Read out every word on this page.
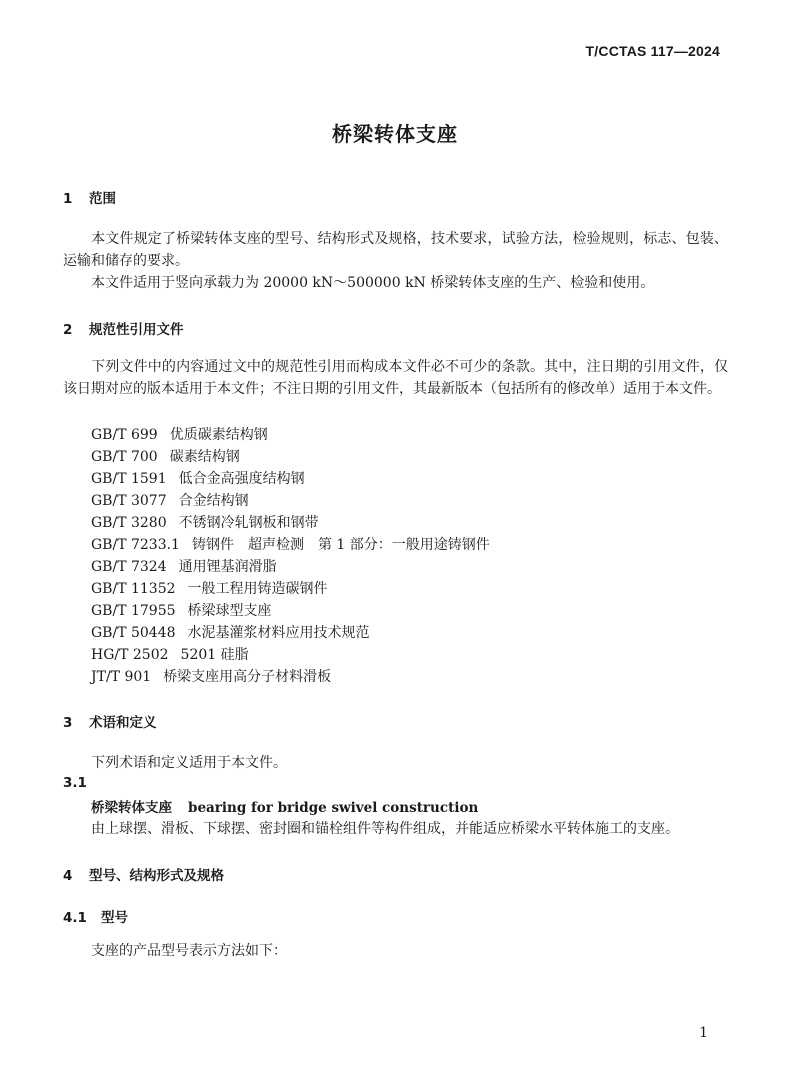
T/CCTAS 117—2024
桥梁转体支座
1 范围
本文件规定了桥梁转体支座的型号、结构形式及规格，技术要求，试验方法，检验规则，标志、包装、运输和储存的要求。
本文件适用于竖向承载力为 20000 kN～500000 kN 桥梁转体支座的生产、检验和使用。
2 规范性引用文件
下列文件中的内容通过文中的规范性引用而构成本文件必不可少的条款。其中，注日期的引用文件，仅该日期对应的版本适用于本文件；不注日期的引用文件，其最新版本（包括所有的修改单）适用于本文件。
GB/T 699 优质碳素结构钢
GB/T 700 碳素结构钢
GB/T 1591 低合金高强度结构钢
GB/T 3077 合金结构钢
GB/T 3280 不锈钢冷轧钢板和钢带
GB/T 7233.1 铸钢件　超声检测　第 1 部分：一般用途铸钢件
GB/T 7324 通用锂基润滑脂
GB/T 11352 一般工程用铸造碳钢件
GB/T 17955 桥梁球型支座
GB/T 50448 水泥基灌浆材料应用技术规范
HG/T 2502 5201 硅脂
JT/T 901 桥梁支座用高分子材料滑板
3 术语和定义
下列术语和定义适用于本文件。
3.1
桥梁转体支座 bearing for bridge swivel construction
由上球摆、滑板、下球摆、密封圈和锚栓组件等构件组成，并能适应桥梁水平转体施工的支座。
4 型号、结构形式及规格
4.1 型号
支座的产品型号表示方法如下：
1
